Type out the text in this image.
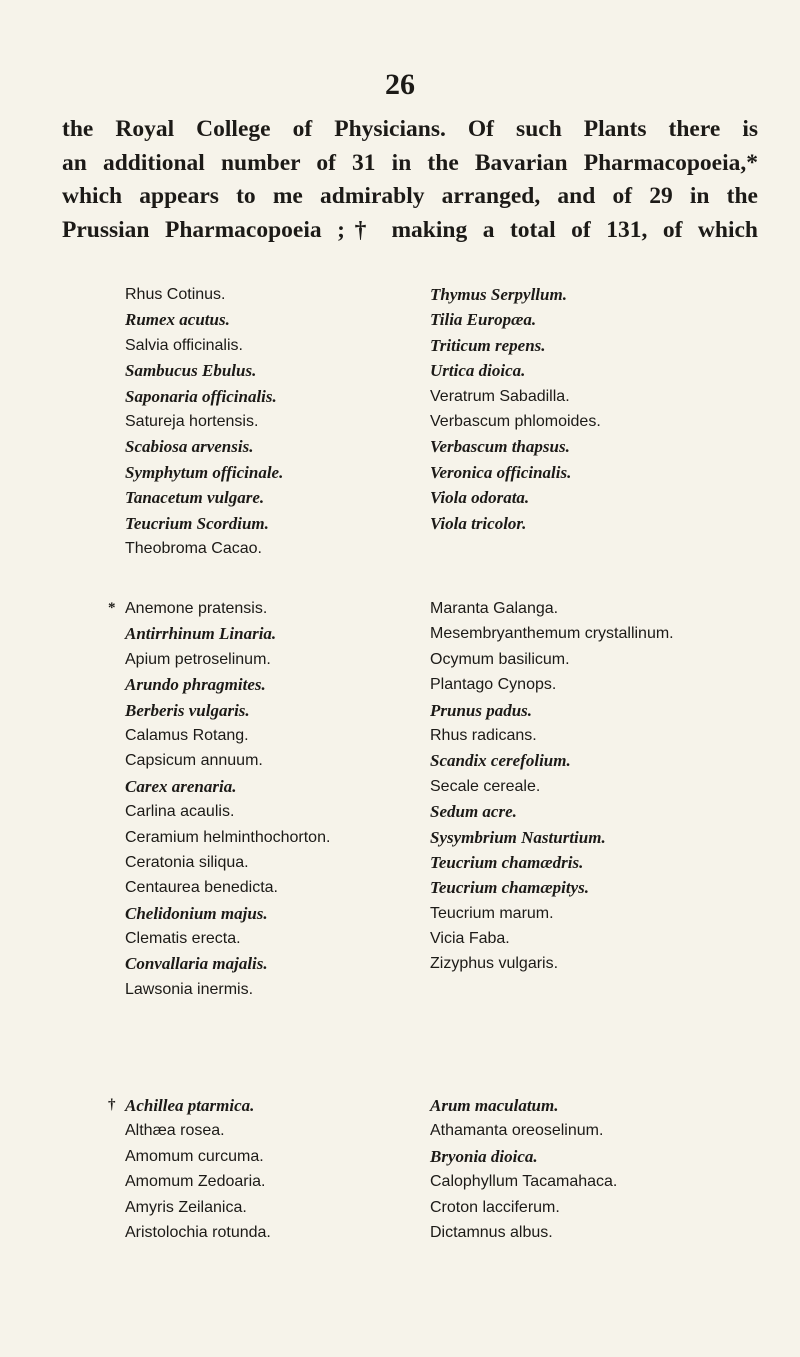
26
the Royal College of Physicians. Of such Plants there is
an additional number of 31 in the Bavarian Pharmacopoeia,*
which appears to me admirably arranged, and of 29 in the
Prussian Pharmacopoeia ;† making a total of 131, of which
Rhus Cotinus.
Rumex acutus.
Salvia officinalis.
Sambucus Ebulus.
Saponaria officinalis.
Satureja hortensis.
Scabiosa arvensis.
Symphytum officinale.
Tanacetum vulgare.
Teucrium Scordium.
Theobroma Cacao.
Thymus Serpyllum.
Tilia Europæa.
Triticum repens.
Urtica dioica.
Veratrum Sabadilla.
Verbascum phlomoides.
Verbascum thapsus.
Veronica officinalis.
Viola odorata.
Viola tricolor.
* Anemone pratensis.
Antirrhinum Linaria.
Apium petroselinum.
Arundo phragmites.
Berberis vulgaris.
Calamus Rotang.
Capsicum annuum.
Carex arenaria.
Carlina acaulis.
Ceramium helminthochorton.
Ceratonia siliqua.
Centaurea benedicta.
Chelidonium majus.
Clematis erecta.
Convallaria majalis.
Lawsonia inermis.
Maranta Galanga.
Mesembryanthemum crystallinum.
Ocymum basilicum.
Plantago Cynops.
Prunus padus.
Rhus radicans.
Scandix cerefolium.
Secale cereale.
Sedum acre.
Sysymbrium Nasturtium.
Teucrium chamædris.
Teucrium chamæpitys.
Teucrium marum.
Vicia Faba.
Zizyphus vulgaris.
† Achillea ptarmica.
Althæa rosea.
Amomum curcuma.
Amomum Zedoaria.
Amyris Zeilanica.
Aristolochia rotunda.
Arum maculatum.
Athamanta oreoselinum.
Bryonia dioica.
Calophyllum Tacamahaca.
Croton lacciferum.
Dictamnus albus.
